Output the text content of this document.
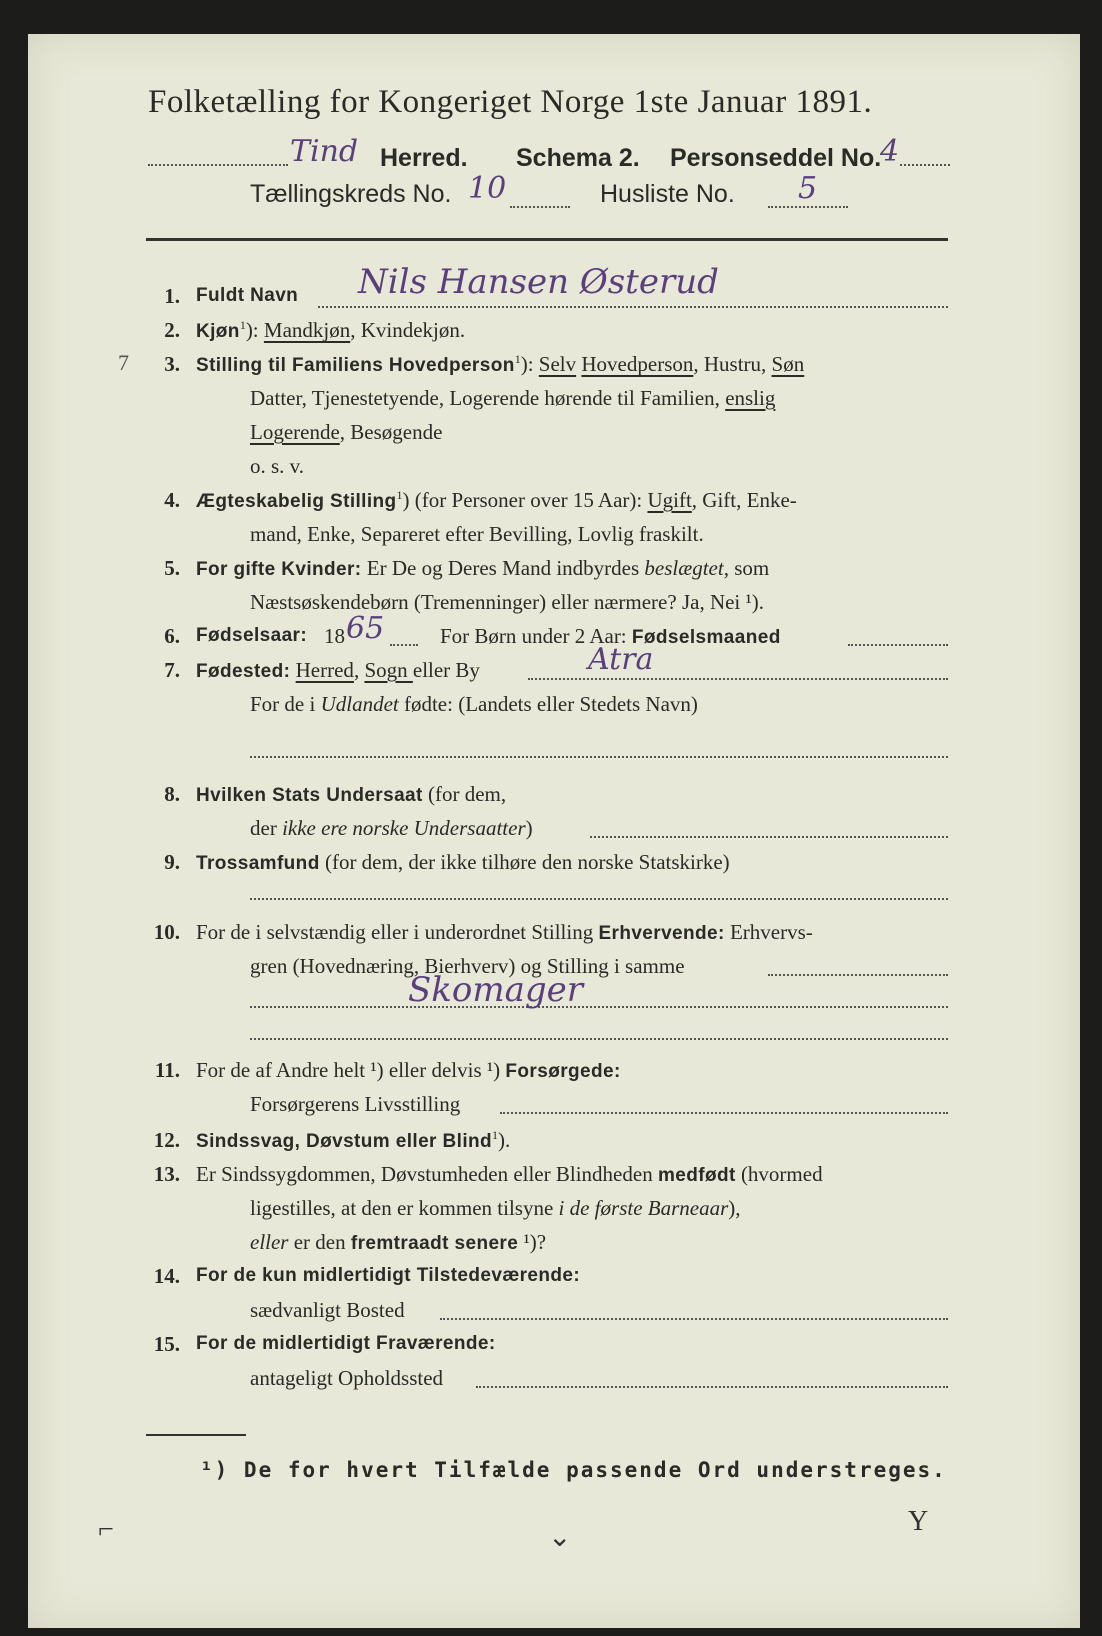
Folketælling for Kongeriget Norge 1ste Januar 1891.
Tind Herred. Schema 2. Personseddel No.
4
Tællingskreds No. 10	Husliste No. 5
1. Fuldt Navn Nils Hansen Østerud
2. Kjøn$^1$): Mandkjøn, Kvindekjøn.
7	3. Stilling til Familiens Hovedperson$^1$): Selv Hovedperson, Hustru, Søn
Datter, Tjenestetyende, Logerende hørende til Familien, enslig
Logerende, Besøgende
o. s. v.
4. Ægteskabelig Stilling$^1$) (for Personer over 15 Aar): Ugift, Gift, Enke-
mand, Enke, Separeret efter Bevilling, Lovlig fraskilt.
5. For gifte Kvinder: Er De og Deres Mand indbyrdes beslægtet, som
Næstsøskendebørn (Tremenninger) eller nærmere? Ja, Nei ¹).
6. Fødselsaar: 18 65	For Børn under 2 Aar: Fødselsmaaned
7. Fødested: Herred, Sogn eller By	Atra
For de i Udlandet fødte: (Landets eller Stedets Navn)
8. Hvilken Stats Undersaat (for dem,
der ikke ere norske Undersaatter)
9. Trossamfund (for dem, der ikke tilhøre den norske Statskirke)
10. For de i selvstændig eller i underordnet Stilling Erhvervende: Erhvervs-
gren (Hovednæring, Bierhverv) og Stilling i samme
Skomager
11. For de af Andre helt ¹) eller delvis ¹) Forsørgede:
Forsørgerens Livsstilling
12. Sindssvag, Døvstum eller Blind$^1$).
13. Er Sindssygdommen, Døvstumheden eller Blindheden medfødt (hvormed
ligestilles, at den er kommen tilsyne i de første Barneaar),
eller er den fremtraadt senere ¹)?
14. For de kun midlertidigt Tilstedeværende:
sædvanligt Bosted
15. For de midlertidigt Fraværende:
antageligt Opholdssted
¹) De for hvert Tilfælde passende Ord understreges.
⌐	⌄
Y
